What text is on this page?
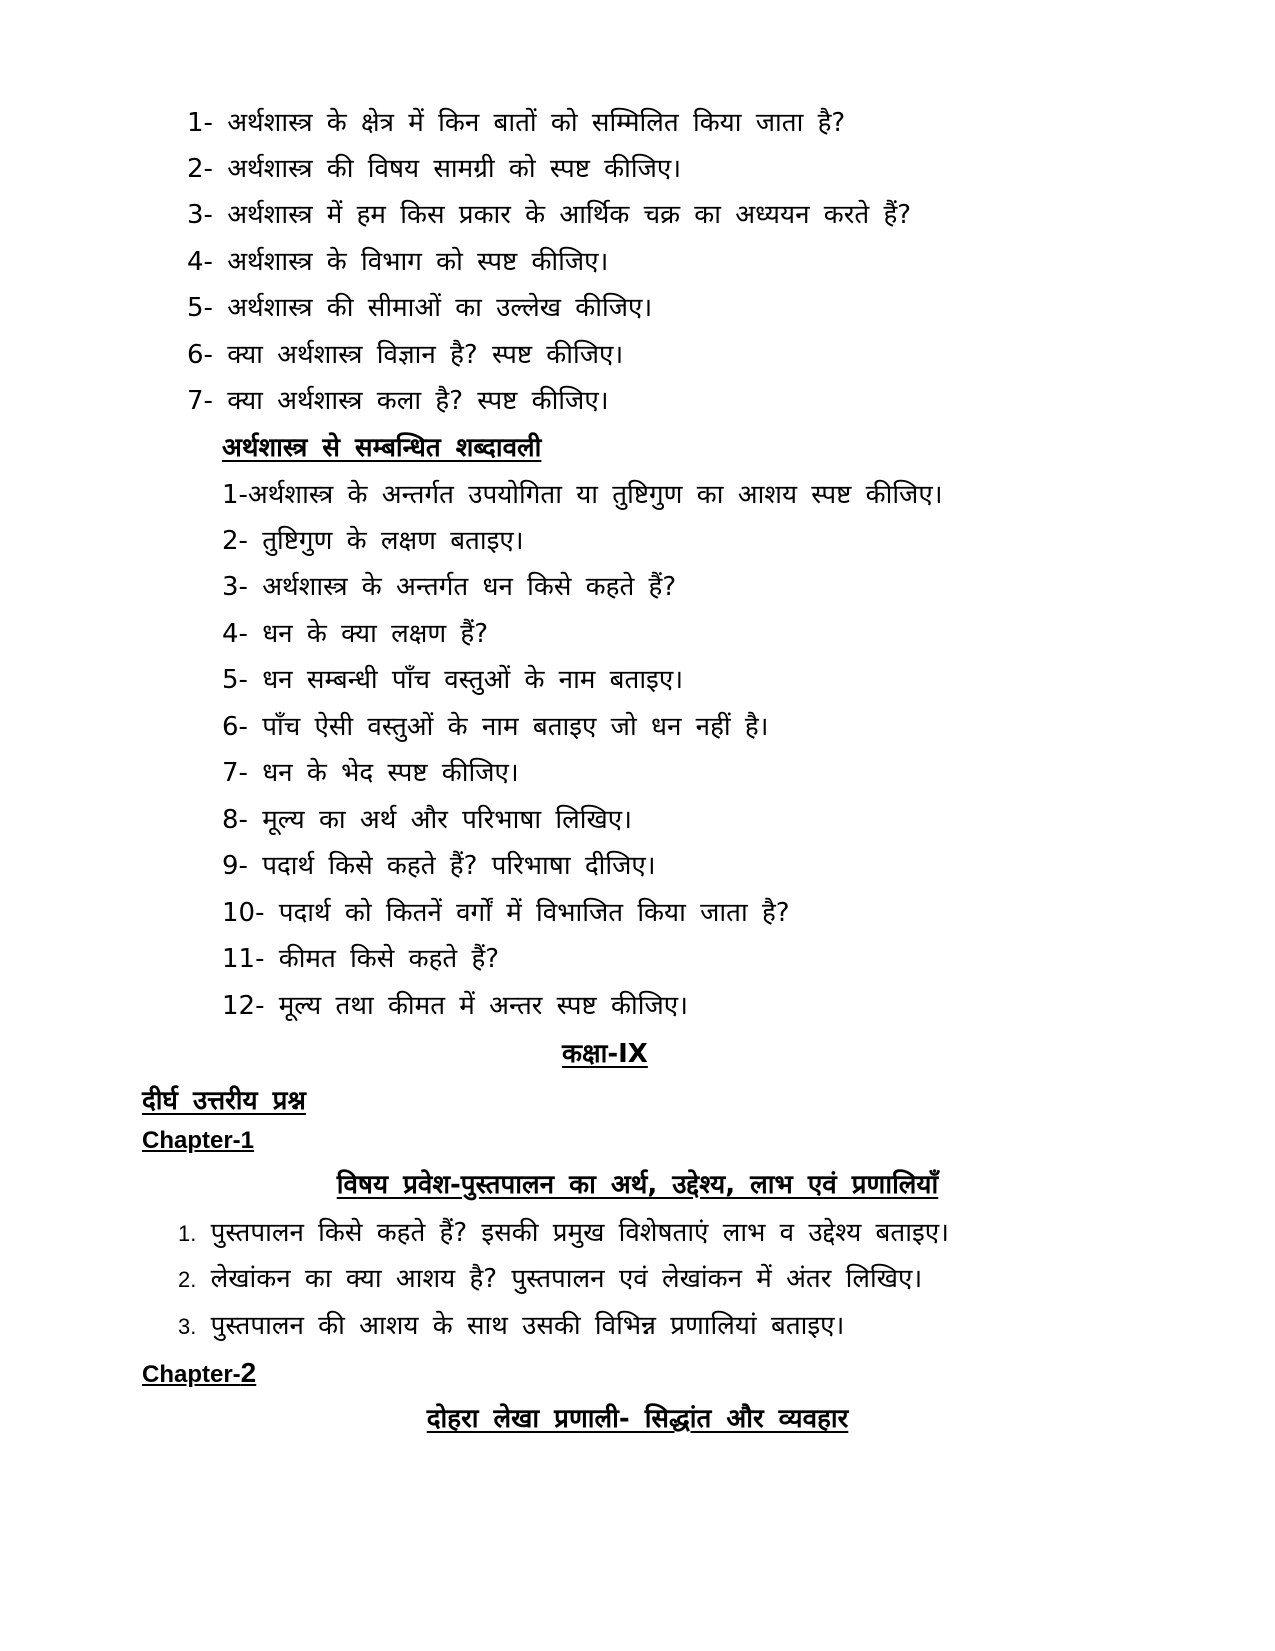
1- अर्थशास्त्र के क्षेत्र में किन बातों को सम्मिलित किया जाता है?
2- अर्थशास्त्र की विषय सामग्री को स्पष्ट कीजिए।
3- अर्थशास्त्र में हम किस प्रकार के आर्थिक चक्र का अध्ययन करते हैं?
4- अर्थशास्त्र के विभाग को स्पष्ट कीजिए।
5- अर्थशास्त्र की सीमाओं का उल्लेख कीजिए।
6- क्या अर्थशास्त्र विज्ञान है? स्पष्ट कीजिए।
7- क्या अर्थशास्त्र कला है? स्पष्ट कीजिए।
अर्थशास्त्र से सम्बन्धित शब्दावली
1-अर्थशास्त्र के अन्तर्गत उपयोगिता या तुष्टिगुण का आशय स्पष्ट कीजिए।
2- तुष्टिगुण के लक्षण बताइए।
3- अर्थशास्त्र के अन्तर्गत धन किसे कहते हैं?
4- धन के क्या लक्षण हैं?
5- धन सम्बन्धी पाँच वस्तुओं के नाम बताइए।
6- पाँच ऐसी वस्तुओं के नाम बताइए जो धन नहीं है।
7- धन के भेद स्पष्ट कीजिए।
8- मूल्य का अर्थ और परिभाषा लिखिए।
9- पदार्थ किसे कहते हैं? परिभाषा दीजिए।
10- पदार्थ को कितनें वर्गों में विभाजित किया जाता है?
11- कीमत किसे कहते हैं?
12- मूल्य तथा कीमत में अन्तर स्पष्ट कीजिए।
कक्षा-IX
दीर्घ उत्तरीय प्रश्न
Chapter-1
विषय प्रवेश-पुस्तपालन का अर्थ, उद्देश्य, लाभ एवं प्रणालियाँ
1. पुस्तपालन किसे कहते हैं? इसकी प्रमुख विशेषताएं लाभ व उद्देश्य बताइए।
2. लेखांकन का क्या आशय है? पुस्तपालन एवं लेखांकन में अंतर लिखिए।
3. पुस्तपालन की आशय के साथ उसकी विभिन्न प्रणालियां बताइए।
Chapter-2
दोहरा लेखा प्रणाली- सिद्धांत और व्यवहार
